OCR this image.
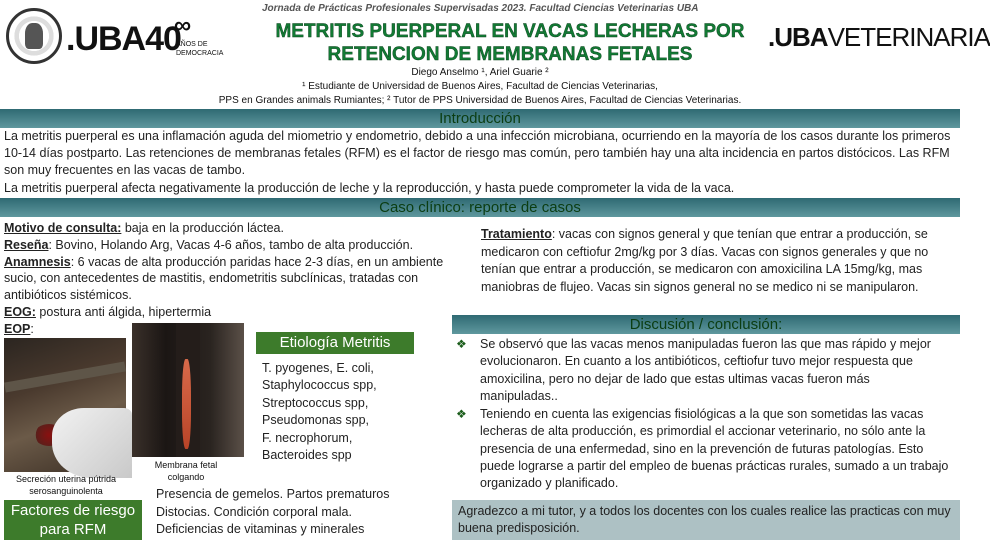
.UBA40
∞
AÑOS DE DEMOCRACIA
Jornada de Prácticas Profesionales Supervisadas 2023. Facultad Ciencias Veterinarias UBA
METRITIS PUERPERAL EN VACAS LECHERAS POR RETENCION DE MEMBRANAS FETALES
.UBAVETERINARIA
Diego Anselmo ¹, Ariel Guarie ²
¹ Estudiante de Universidad de Buenos Aires, Facultad de Ciencias Veterinarias,
PPS en Grandes animals Rumiantes; ² Tutor de PPS Universidad de Buenos Aires, Facultad de Ciencias Veterinarias.
Introducción

La metritis puerperal es una inflamación aguda del miometrio y endometrio, debido a una infección microbiana, ocurriendo en la mayoría de los casos durante los primeros 10-14 días postparto. Las retenciones de membranas fetales (RFM) es el factor de riesgo mas común, pero también hay una alta incidencia en partos distócicos. Las RFM son muy frecuentes en las vacas de tambo.

La metritis puerperal afecta negativamente la producción de leche y la reproducción, y hasta puede comprometer la vida de la vaca.

Caso clínico: reporte de casos

Motivo de consulta: baja en la producción láctea.

Reseña: Bovino, Holando Arg, Vacas 4-6 años, tambo de alta producción.

Anamnesis: 6 vacas de alta producción paridas hace 2-3 días, en un ambiente sucio, con antecedentes de mastitis, endometritis subclínicas, tratadas con antibióticos sistémicos.

EOG: postura anti álgida, hipertermia

EOP:

Secreción uterina pútrida serosanguinolenta
Membrana fetal colgando
Etiología Metritis
T. pyogenes, E. coli,
Staphylococcus spp,
Streptococcus spp,
Pseudomonas spp,
F. necrophorum,
Bacteroides spp
Factores de riesgo para RFM
Presencia de gemelos. Partos prematuros
Distocias. Condición corporal mala.
Deficiencias de vitaminas y minerales
Tratamiento: vacas con signos general y que tenían que entrar a producción, se medicaron con ceftiofur 2mg/kg por 3 días. Vacas con signos generales y que no tenían que entrar a producción, se medicaron con amoxicilina LA 15mg/kg, mas maniobras de flujeo. Vacas sin signos general no se medico ni se manipularon.
Discusión / conclusión:
❖ Se observó que las vacas menos manipuladas fueron las que mas rápido y mejor evolucionaron. En cuanto a los antibióticos, ceftiofur tuvo mejor respuesta que amoxicilina, pero no dejar de lado que estas ultimas vacas fueron más manipuladas..
❖ Teniendo en cuenta las exigencias fisiológicas a la que son sometidas las vacas lecheras de alta producción, es primordial el accionar veterinario, no sólo ante la presencia de una enfermedad, sino en la prevención de futuras patologías. Esto puede lograrse a partir del empleo de buenas prácticas rurales, sumado a un trabajo organizado y planificado.
Agradezco a mi tutor, y a todos los docentes con los cuales realice las practicas con muy buena predisposición.
